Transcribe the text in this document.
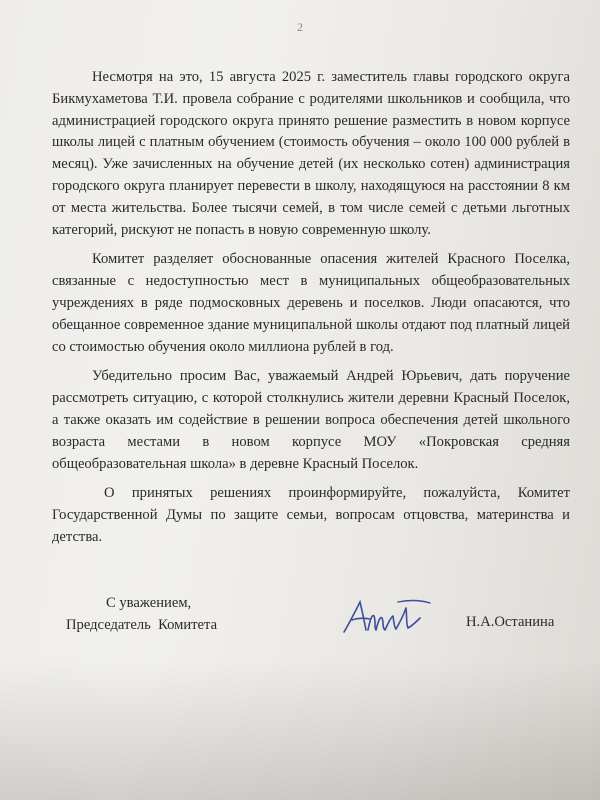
2

Несмотря на это, 15 августа 2025 г. заместитель главы городского округа Бикмухаметова Т.И. провела собрание с родителями школьников и сообщила, что администрацией городского округа принято решение разместить в новом корпусе школы лицей с платным обучением (стоимость обучения – около 100 000 рублей в месяц). Уже зачисленных на обучение детей (их несколько сотен) администрация городского округа планирует перевести в школу, находящуюся на расстоянии 8 км от места жительства. Более тысячи семей, в том числе семей с детьми льготных категорий, рискуют не попасть в новую современную школу.

Комитет разделяет обоснованные опасения жителей Красного Поселка, связанные с недоступностью мест в муниципальных общеобразовательных учреждениях в ряде подмосковных деревень и поселков. Люди опасаются, что обещанное современное здание муниципальной школы отдают под платный лицей со стоимостью обучения около миллиона рублей в год.

Убедительно просим Вас, уважаемый Андрей Юрьевич, дать поручение рассмотреть ситуацию, с которой столкнулись жители деревни Красный Поселок, а также оказать им содействие в решении вопроса обеспечения детей школьного возраста местами в новом корпусе МОУ «Покровская средняя общеобразовательная школа» в деревне Красный Поселок.

О принятых решениях проинформируйте, пожалуйста, Комитет Государственной Думы по защите семьи, вопросам отцовства, материнства и детства.

С уважением,
Председатель  Комитета	Н.А.Останина
